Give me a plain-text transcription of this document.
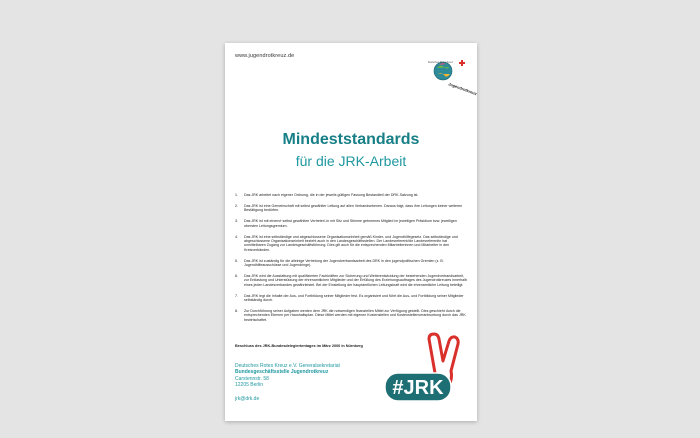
www.jugendrotkreuz.de
Deutsches Rotes Kreuz
Jugendrotkreuz
Mindeststandards
für die JRK-Arbeit
1.	Das JRK arbeitet nach eigener Ordnung, die in der jeweils gültigen Fassung Bestandteil der DRK-Satzung ist.
2.	Das JRK ist eine Gemeinschaft mit selbst gewählter Leitung auf allen Verbandsebenen. Daraus folgt, dass ihre Leitungen keiner weiteren Bestätigung bedürfen.
3.	Das JRK ist mit einem/r selbst gewählten Vertreter/-in mit Sitz und Stimme geborenes Mitglied im jeweiligen Präsidium bzw. jeweiligen obersten Leitungsgremium.
4.	Das JRK ist eine selbständige und abgeschlossene Organisationseinheit gemäß Kinder- und Jugendhilfegesetz. Das selbständige und abgeschlossene Organisationseinheit bezieht auch in den Landesgeschäftsstellen. Der Landesreferent/die Landesreferentin hat unmittelbaren Zugang zur Landesgeschäftsführung. Dies gilt auch für die entsprechenden Mitarbeiterinnen und Mitarbeiter in den Kreisverbänden.
5.	Das JRK ist zuständig für die alleinige Vertretung der Jugendverbandsarbeit des DRK in den jugendpolitischen Gremien (z. B. Jugendhilfeausschüsse und Jugendringe).
6.	Das JRK wird die Ausstattung mit qualifizierten Fachkräften zur Sicherung und Weiterentwicklung der bestehenden Jugendverbandsarbeit, zur Entlastung und Unterstützung der ehrenamtlichen Mitglieder und der Erfüllung des Erziehungsauftrages des Jugendrotkreuzes innerhalb eines jeden Landesverbandes gewährleistet. Bei der Einstellung der hauptamtlichen Leitungskraft wird die ehrenamtliche Leitung beteiligt.
7.	Das JRK legt die Inhalte der Aus- und Fortbildung seiner Mitglieder fest. Es organisiert und führt die Aus- und Fortbildung seiner Mitglieder selbständig durch.
8.	Zur Durchführung seiner Aufgaben werden dem JRK die notwendigen finanziellen Mittel zur Verfügung gestellt. Dies geschieht durch die entsprechenden Ebenen per Haushaltsplan. Diese Mittel werden mit eigenen Kostenstellen und Kostenstellenverantwortung durch das JRK bewirtschaftet.
Beschluss des JRK-Bundesdelegiertentages im März 2000 in Nürnberg
Deutsches Rotes Kreuz e.V. Generalsekretariat
Bundesgeschäftsstelle Jugendrotkreuz
Carstennstr. 58
12205 Berlin
jrk@drk.de	#JRK
